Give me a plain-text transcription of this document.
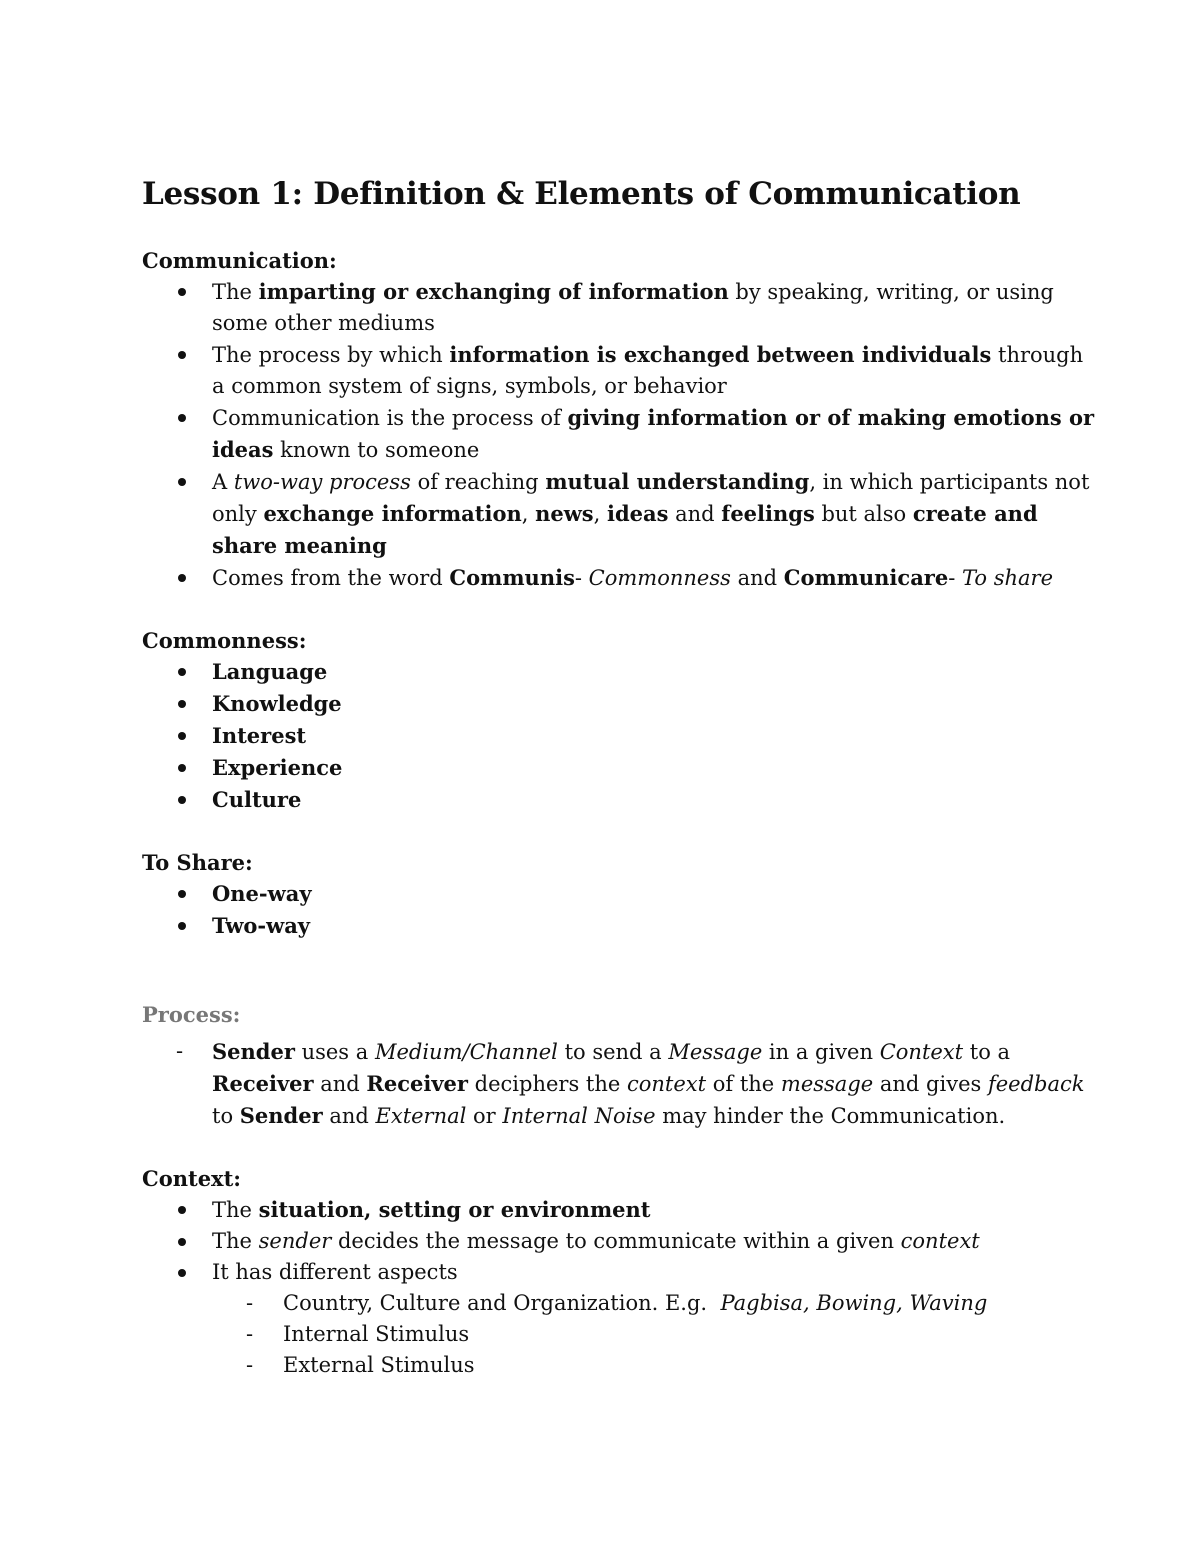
Lesson 1: Definition & Elements of Communication

Communication:

The imparting or exchanging of information by speaking, writing, or using some other mediums
The process by which information is exchanged between individuals through a common system of signs, symbols, or behavior
Communication is the process of giving information or of making emotions or ideas known to someone
A two-way process of reaching mutual understanding, in which participants not only exchange information, news, ideas and feelings but also create and share meaning
Comes from the word Communis- Commonness and Communicare- To share

Commonness:

Language
Knowledge
Interest
Experience
Culture

To Share:

One-way
Two-way

Process:

- Sender uses a Medium/Channel to send a Message in a given Context to a Receiver and Receiver deciphers the context of the message and gives feedback to Sender and External or Internal Noise may hinder the Communication.

Context:

The situation, setting or environment
The sender decides the message to communicate within a given context
It has different aspects
- Country, Culture and Organization. E.g.  Pagbisa, Bowing, Waving
- Internal Stimulus
- External Stimulus
